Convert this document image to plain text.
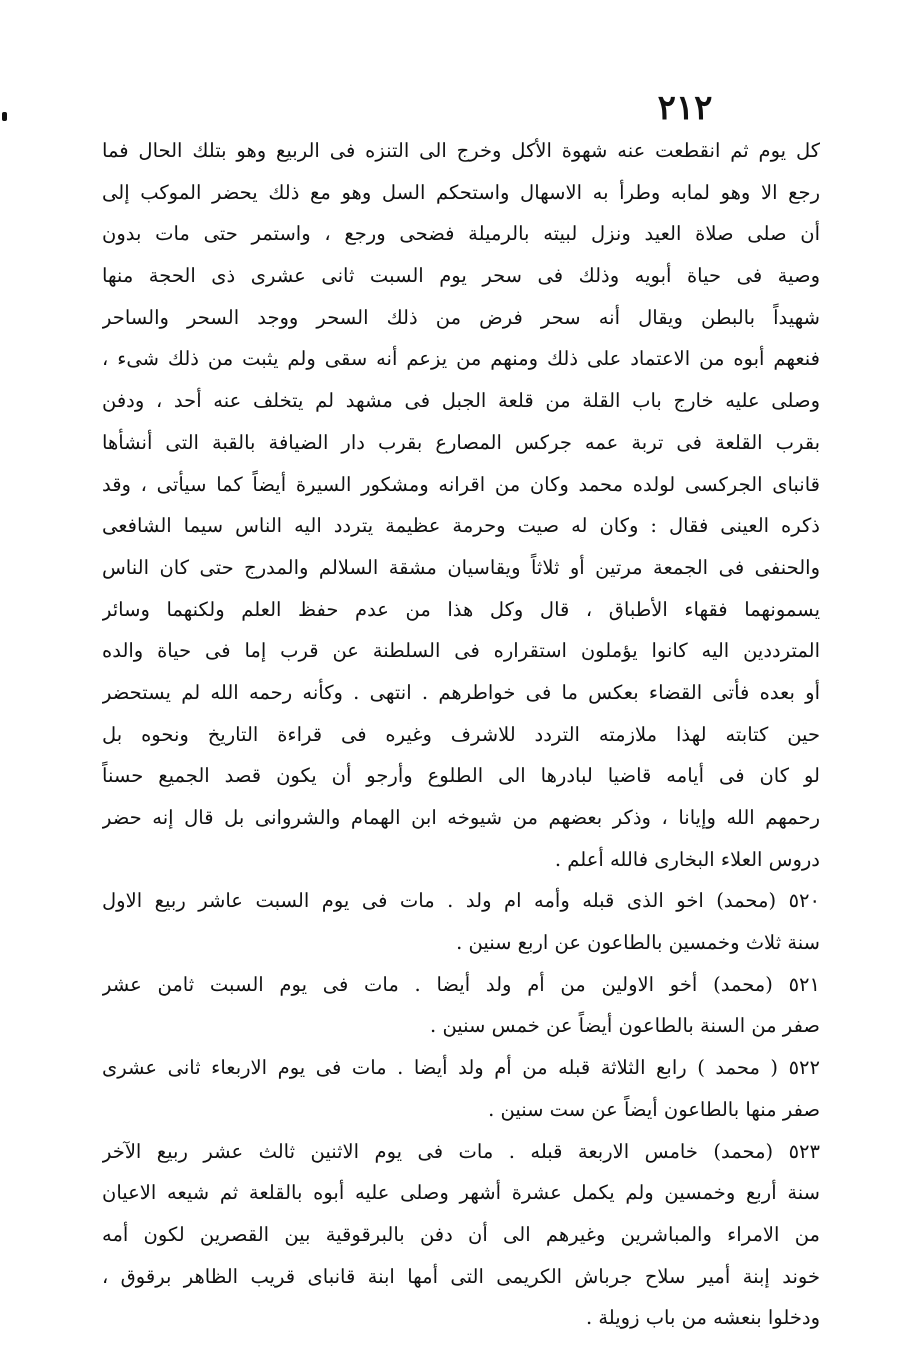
٢١٢
كل يوم ثم انقطعت عنه شهوة الأكل وخرج الى التنزه فى الربيع وهو بتلك الحال فما
رجع الا وهو لمابه وطرأ به الاسهال واستحكم السل وهو مع ذلك يحضر الموكب إلى
أن صلى صلاة العيد ونزل لبيته بالرميلة فضحى ورجع ، واستمر حتى مات بدون
وصية فى حياة أبويه وذلك فى سحر يوم السبت ثانى عشرى ذى الحجة منها
شهيداً بالبطن ويقال أنه سحر فرض من ذلك السحر ووجد السحر والساحر
فنعهم أبوه من الاعتماد على ذلك ومنهم من يزعم أنه سقى ولم يثبت من ذلك شىء ،
وصلى عليه خارج باب القلة من قلعة الجبل فى مشهد لم يتخلف عنه أحد ، ودفن
بقرب القلعة فى تربة عمه جركس المصارع بقرب دار الضيافة بالقبة التى أنشأها
قانباى الجركسى لولده محمد وكان من اقرانه ومشكور السيرة أيضاً كما سيأتى ، وقد
ذكره العينى فقال : وكان له صيت وحرمة عظيمة يتردد اليه الناس سيما الشافعى
والحنفى فى الجمعة مرتين أو ثلاثاً ويقاسيان مشقة السلالم والمدرج حتى كان الناس
يسمونهما فقهاء الأطباق ، قال وكل هذا من عدم حفظ العلم ولكنهما وسائر
المترددين اليه كانوا يؤملون استقراره فى السلطنة عن قرب إما فى حياة والده
أو بعده فأتى القضاء بعكس ما فى خواطرهم . انتهى . وكأنه رحمه الله لم يستحضر
حين كتابته لهذا ملازمته التردد للاشرف وغيره فى قراءة التاريخ ونحوه بل
لو كان فى أيامه قاضيا لبادرها الى الطلوع وأرجو أن يكون قصد الجميع حسناً
رحمهم الله وإيانا ، وذكر بعضهم من شيوخه ابن الهمام والشروانى بل قال إنه حضر
دروس العلاء البخارى فالله أعلم .
٥٢٠ (محمد) اخو الذى قبله وأمه ام ولد . مات فى يوم السبت عاشر ربيع الاول
سنة ثلاث وخمسين بالطاعون عن اربع سنين .
٥٢١ (محمد) أخو الاولين من أم ولد أيضا . مات فى يوم السبت ثامن عشر
صفر من السنة بالطاعون أيضاً عن خمس سنين .
٥٢٢ ( محمد ) رابع الثلاثة قبله من أم ولد أيضا . مات فى يوم الاربعاء ثانى عشرى
صفر منها بالطاعون أيضاً عن ست سنين .
٥٢٣ (محمد) خامس الاربعة قبله . مات فى يوم الاثنين ثالث عشر ربيع الآخر
سنة أربع وخمسين ولم يكمل عشرة أشهر وصلى عليه أبوه بالقلعة ثم شيعه الاعيان
من الامراء والمباشرين وغيرهم الى أن دفن بالبرقوقية بين القصرين لكون أمه
خوند إبنة أمير سلاح جرباش الكريمى التى أمها ابنة قانباى قريب الظاهر برقوق ،
ودخلوا بنعشه من باب زويلة .
